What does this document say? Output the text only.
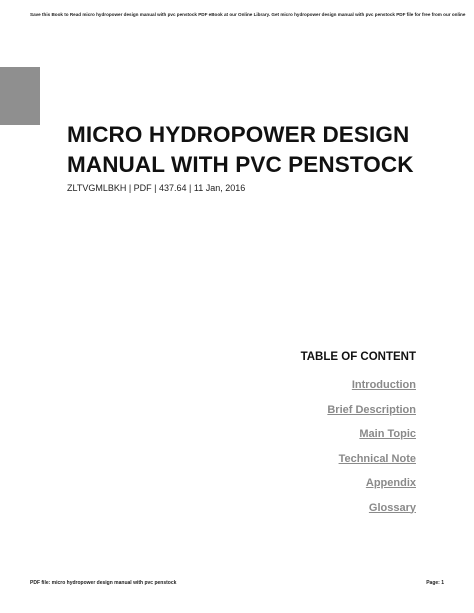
Save this Book to Read micro hydropower design manual with pvc penstock PDF eBook at our Online Library. Get micro hydropower design manual with pvc penstock PDF file for free from our online
MICRO HYDROPOWER DESIGN MANUAL WITH PVC PENSTOCK
ZLTVGMLBKH | PDF | 437.64 | 11 Jan, 2016
TABLE OF CONTENT
Introduction
Brief Description
Main Topic
Technical Note
Appendix
Glossary
PDF file: micro hydropower design manual with pvc penstock	Page: 1
